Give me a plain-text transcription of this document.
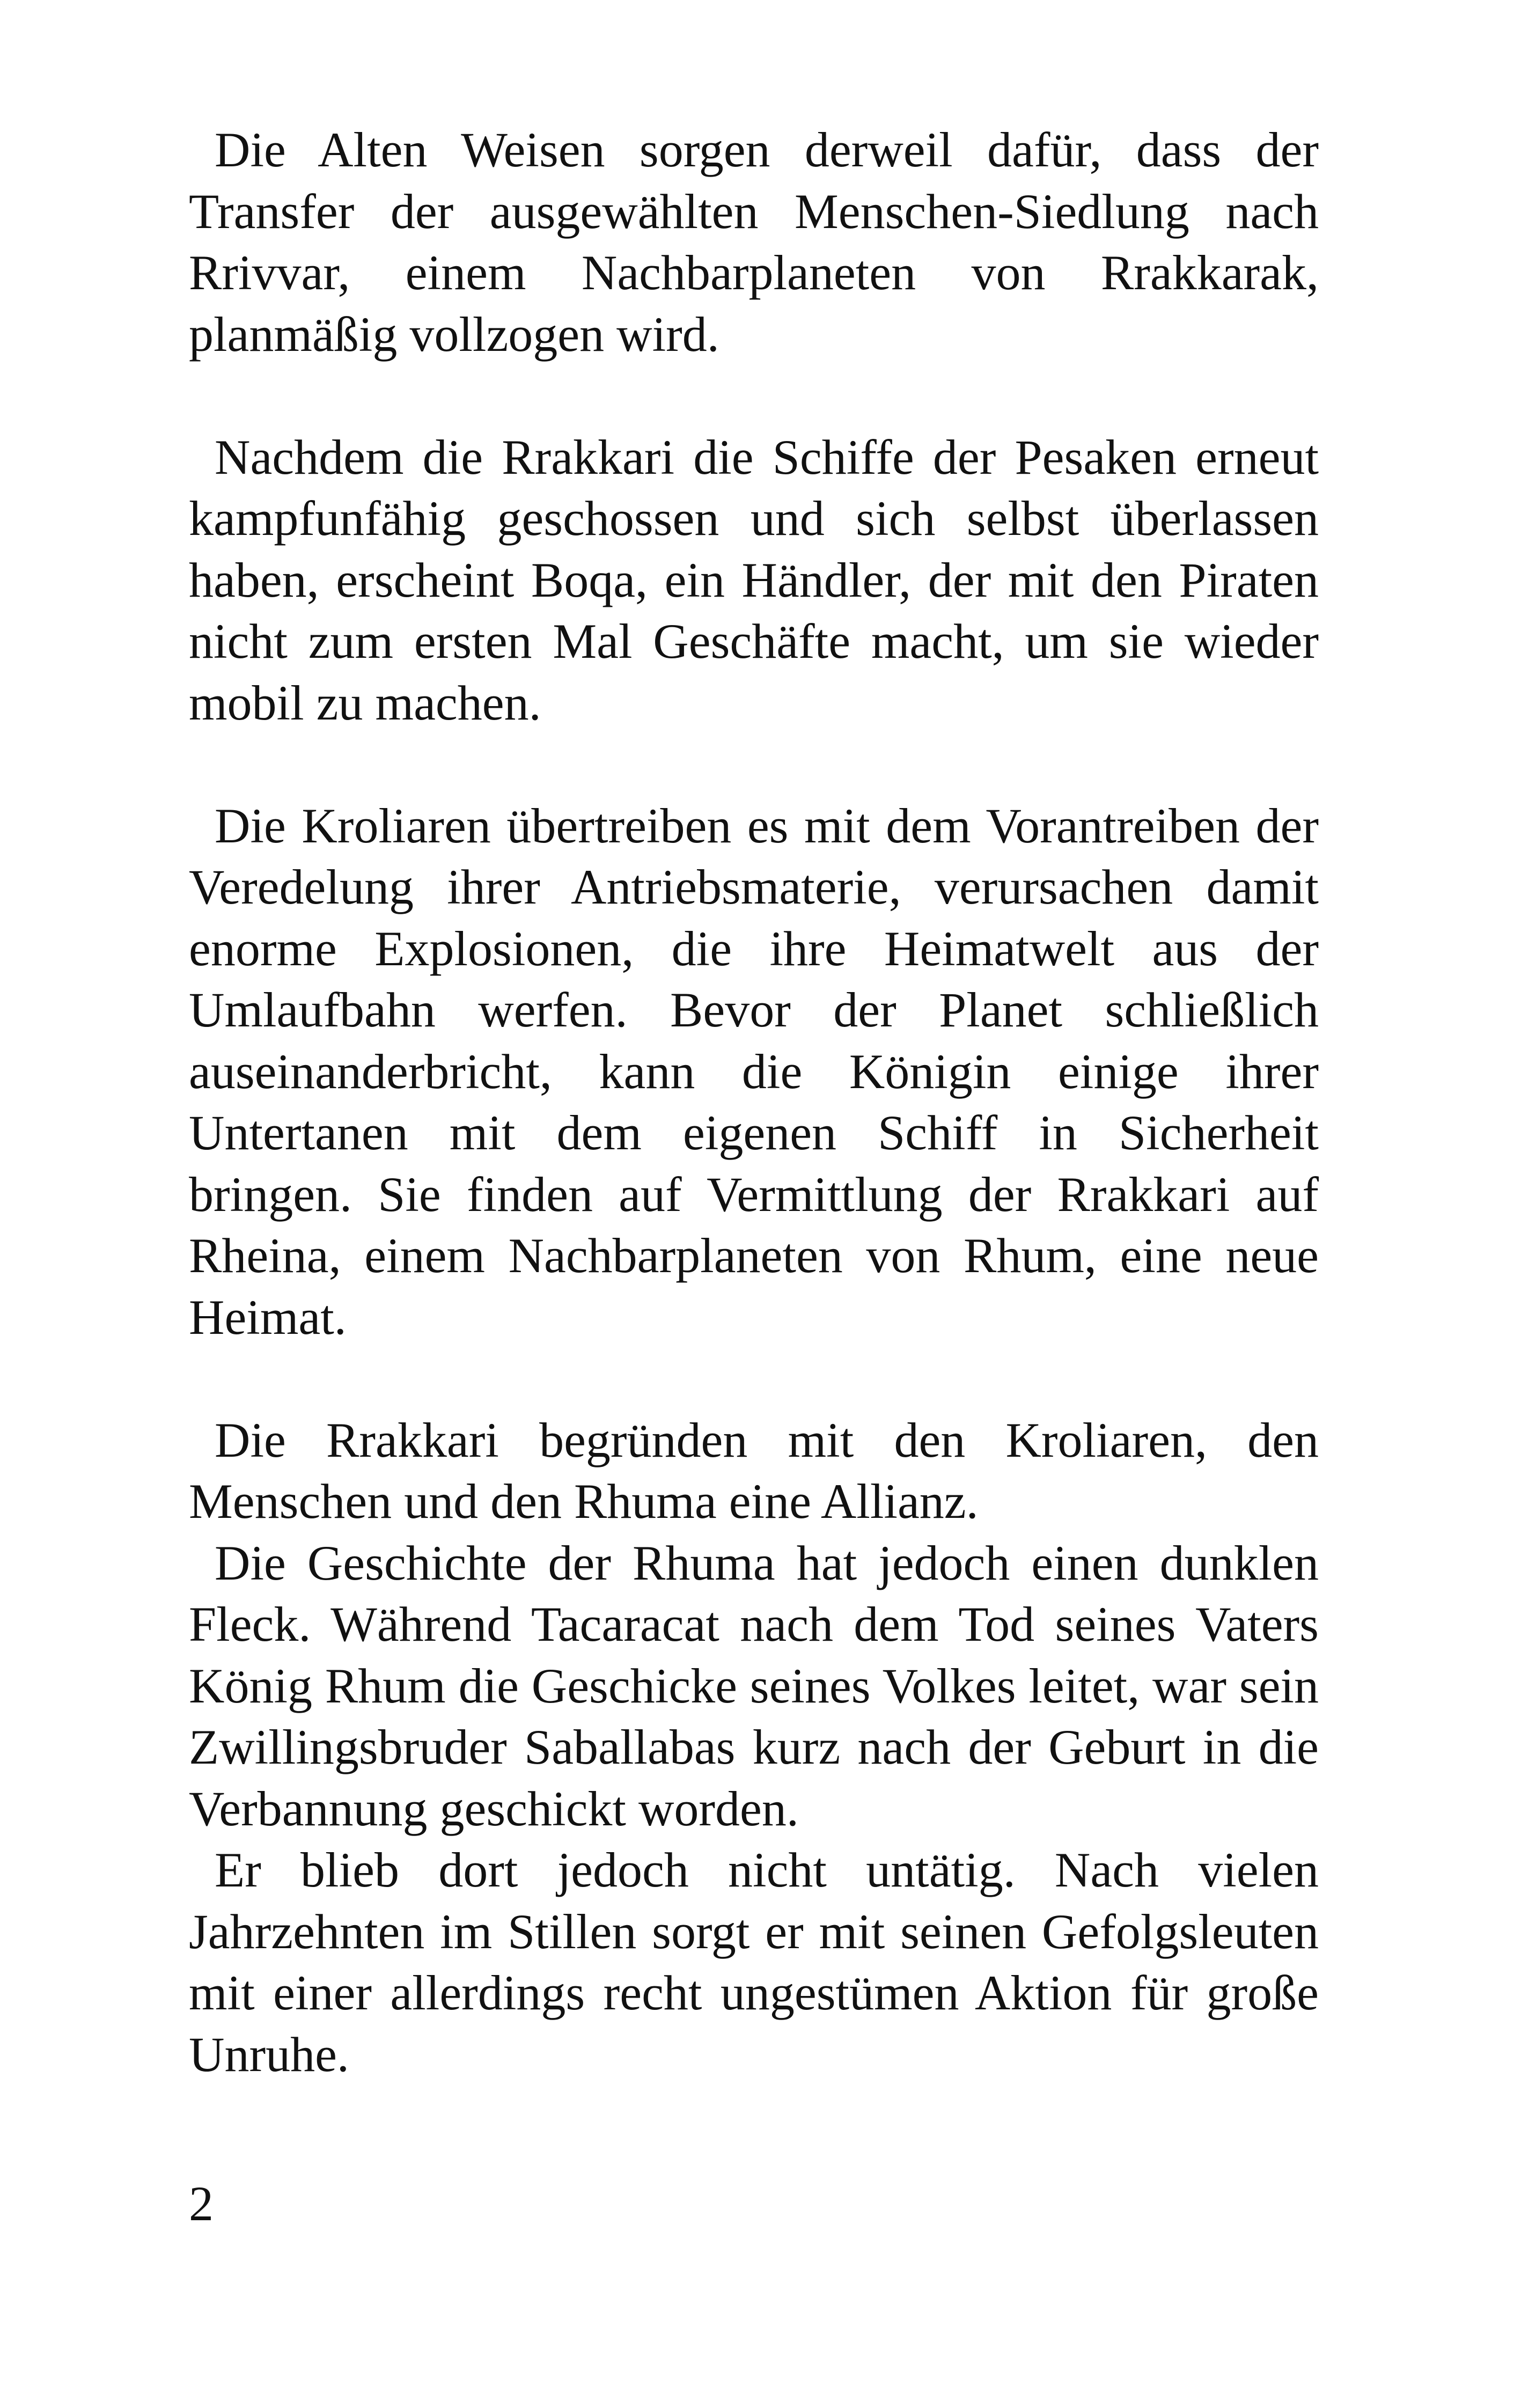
Die Alten Weisen sorgen derweil dafür, dass der Transfer der ausgewählten Menschen-Siedlung nach Rrivvar, einem Nachbarplaneten von Rrakkarak, planmäßig vollzogen wird.

Nachdem die Rrakkari die Schiffe der Pesaken erneut kampfunfähig geschossen und sich selbst überlassen haben, erscheint Boqa, ein Händler, der mit den Piraten nicht zum ersten Mal Geschäfte macht, um sie wieder mobil zu machen.

Die Kroliaren übertreiben es mit dem Vorantreiben der Veredelung ihrer Antriebsmaterie, verursachen damit enorme Explosionen, die ihre Heimatwelt aus der Umlaufbahn werfen. Bevor der Planet schließlich auseinanderbricht, kann die Königin einige ihrer Untertanen mit dem eigenen Schiff in Sicherheit bringen. Sie finden auf Vermittlung der Rrakkari auf Rheina, einem Nachbarplaneten von Rhum, eine neue Heimat.

Die Rrakkari begründen mit den Kroliaren, den Menschen und den Rhuma eine Allianz.

Die Geschichte der Rhuma hat jedoch einen dunklen Fleck. Während Tacaracat nach dem Tod seines Vaters König Rhum die Geschicke seines Volkes leitet, war sein Zwillingsbruder Saballabas kurz nach der Geburt in die Verbannung geschickt worden.

Er blieb dort jedoch nicht untätig. Nach vielen Jahrzehnten im Stillen sorgt er mit seinen Gefolgsleuten mit einer allerdings recht ungestümen Aktion für große Unruhe.

2
